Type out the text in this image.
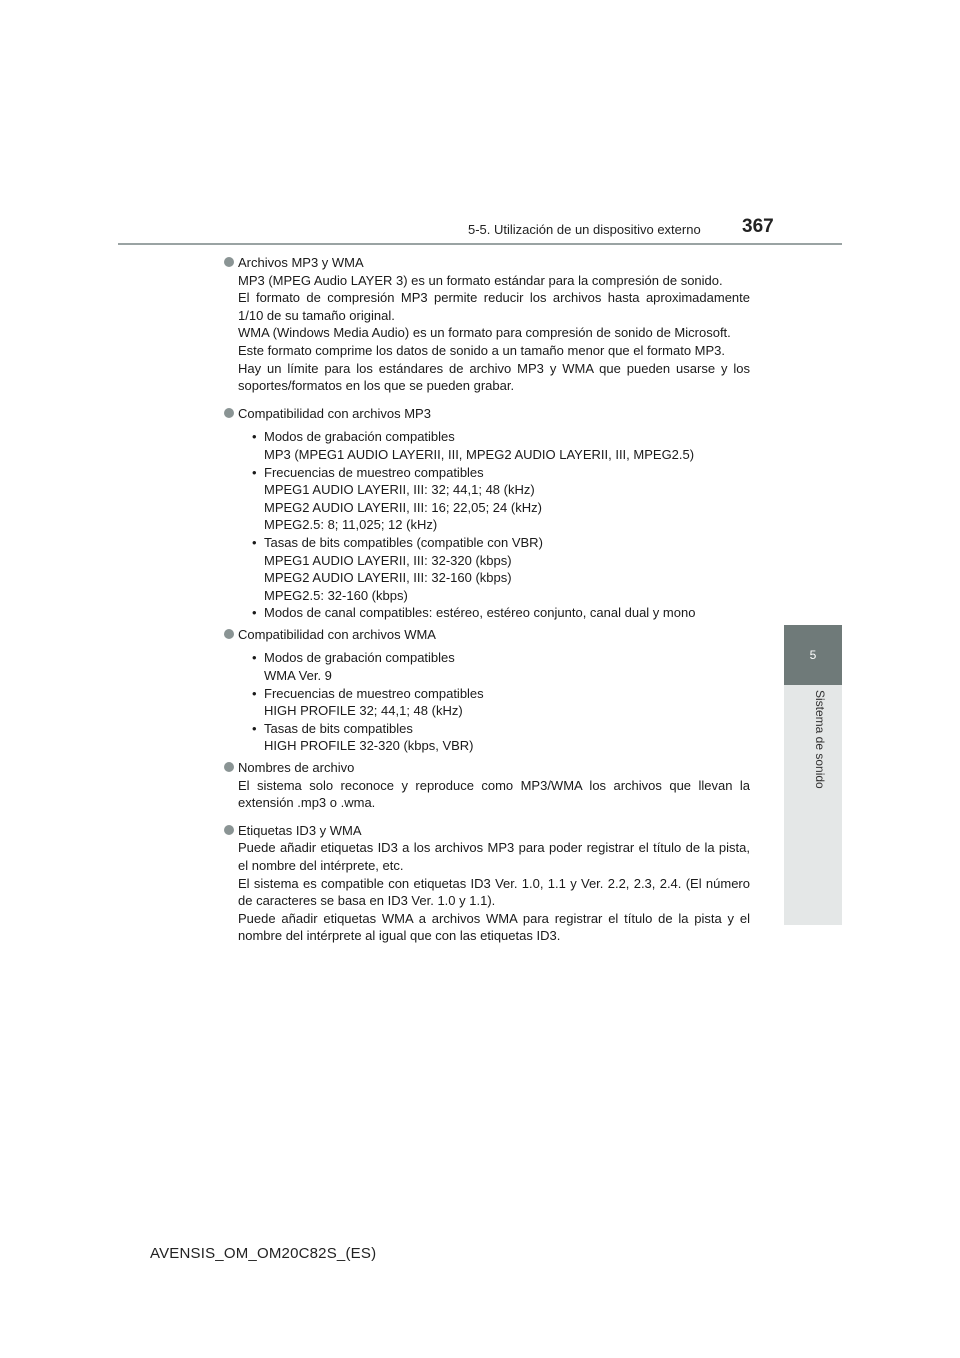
5-5. Utilización de un dispositivo externo 367
5
Sistema de sonido
Archivos MP3 y WMA
MP3 (MPEG Audio LAYER 3) es un formato estándar para la compresión de sonido.
El formato de compresión MP3 permite reducir los archivos hasta aproximadamente 1/10 de su tamaño original.
WMA (Windows Media Audio) es un formato para compresión de sonido de Microsoft.
Este formato comprime los datos de sonido a un tamaño menor que el formato MP3.
Hay un límite para los estándares de archivo MP3 y WMA que pueden usarse y los soportes/formatos en los que se pueden grabar.
Compatibilidad con archivos MP3
• Modos de grabación compatibles
MP3 (MPEG1 AUDIO LAYERII, III, MPEG2 AUDIO LAYERII, III, MPEG2.5)
• Frecuencias de muestreo compatibles
MPEG1 AUDIO LAYERII, III: 32; 44,1; 48 (kHz)
MPEG2 AUDIO LAYERII, III: 16; 22,05; 24 (kHz)
MPEG2.5: 8; 11,025; 12 (kHz)
• Tasas de bits compatibles (compatible con VBR)
MPEG1 AUDIO LAYERII, III: 32-320 (kbps)
MPEG2 AUDIO LAYERII, III: 32-160 (kbps)
MPEG2.5: 32-160 (kbps)
• Modos de canal compatibles: estéreo, estéreo conjunto, canal dual y mono
Compatibilidad con archivos WMA
• Modos de grabación compatibles
WMA Ver. 9
• Frecuencias de muestreo compatibles
HIGH PROFILE 32; 44,1; 48 (kHz)
• Tasas de bits compatibles
HIGH PROFILE 32-320 (kbps, VBR)
Nombres de archivo
El sistema solo reconoce y reproduce como MP3/WMA los archivos que llevan la extensión .mp3 o .wma.
Etiquetas ID3 y WMA
Puede añadir etiquetas ID3 a los archivos MP3 para poder registrar el título de la pista, el nombre del intérprete, etc.
El sistema es compatible con etiquetas ID3 Ver. 1.0, 1.1 y Ver. 2.2, 2.3, 2.4. (El número de caracteres se basa en ID3 Ver. 1.0 y 1.1).
Puede añadir etiquetas WMA a archivos WMA para registrar el título de la pista y el nombre del intérprete al igual que con las etiquetas ID3.
AVENSIS_OM_OM20C82S_(ES)
